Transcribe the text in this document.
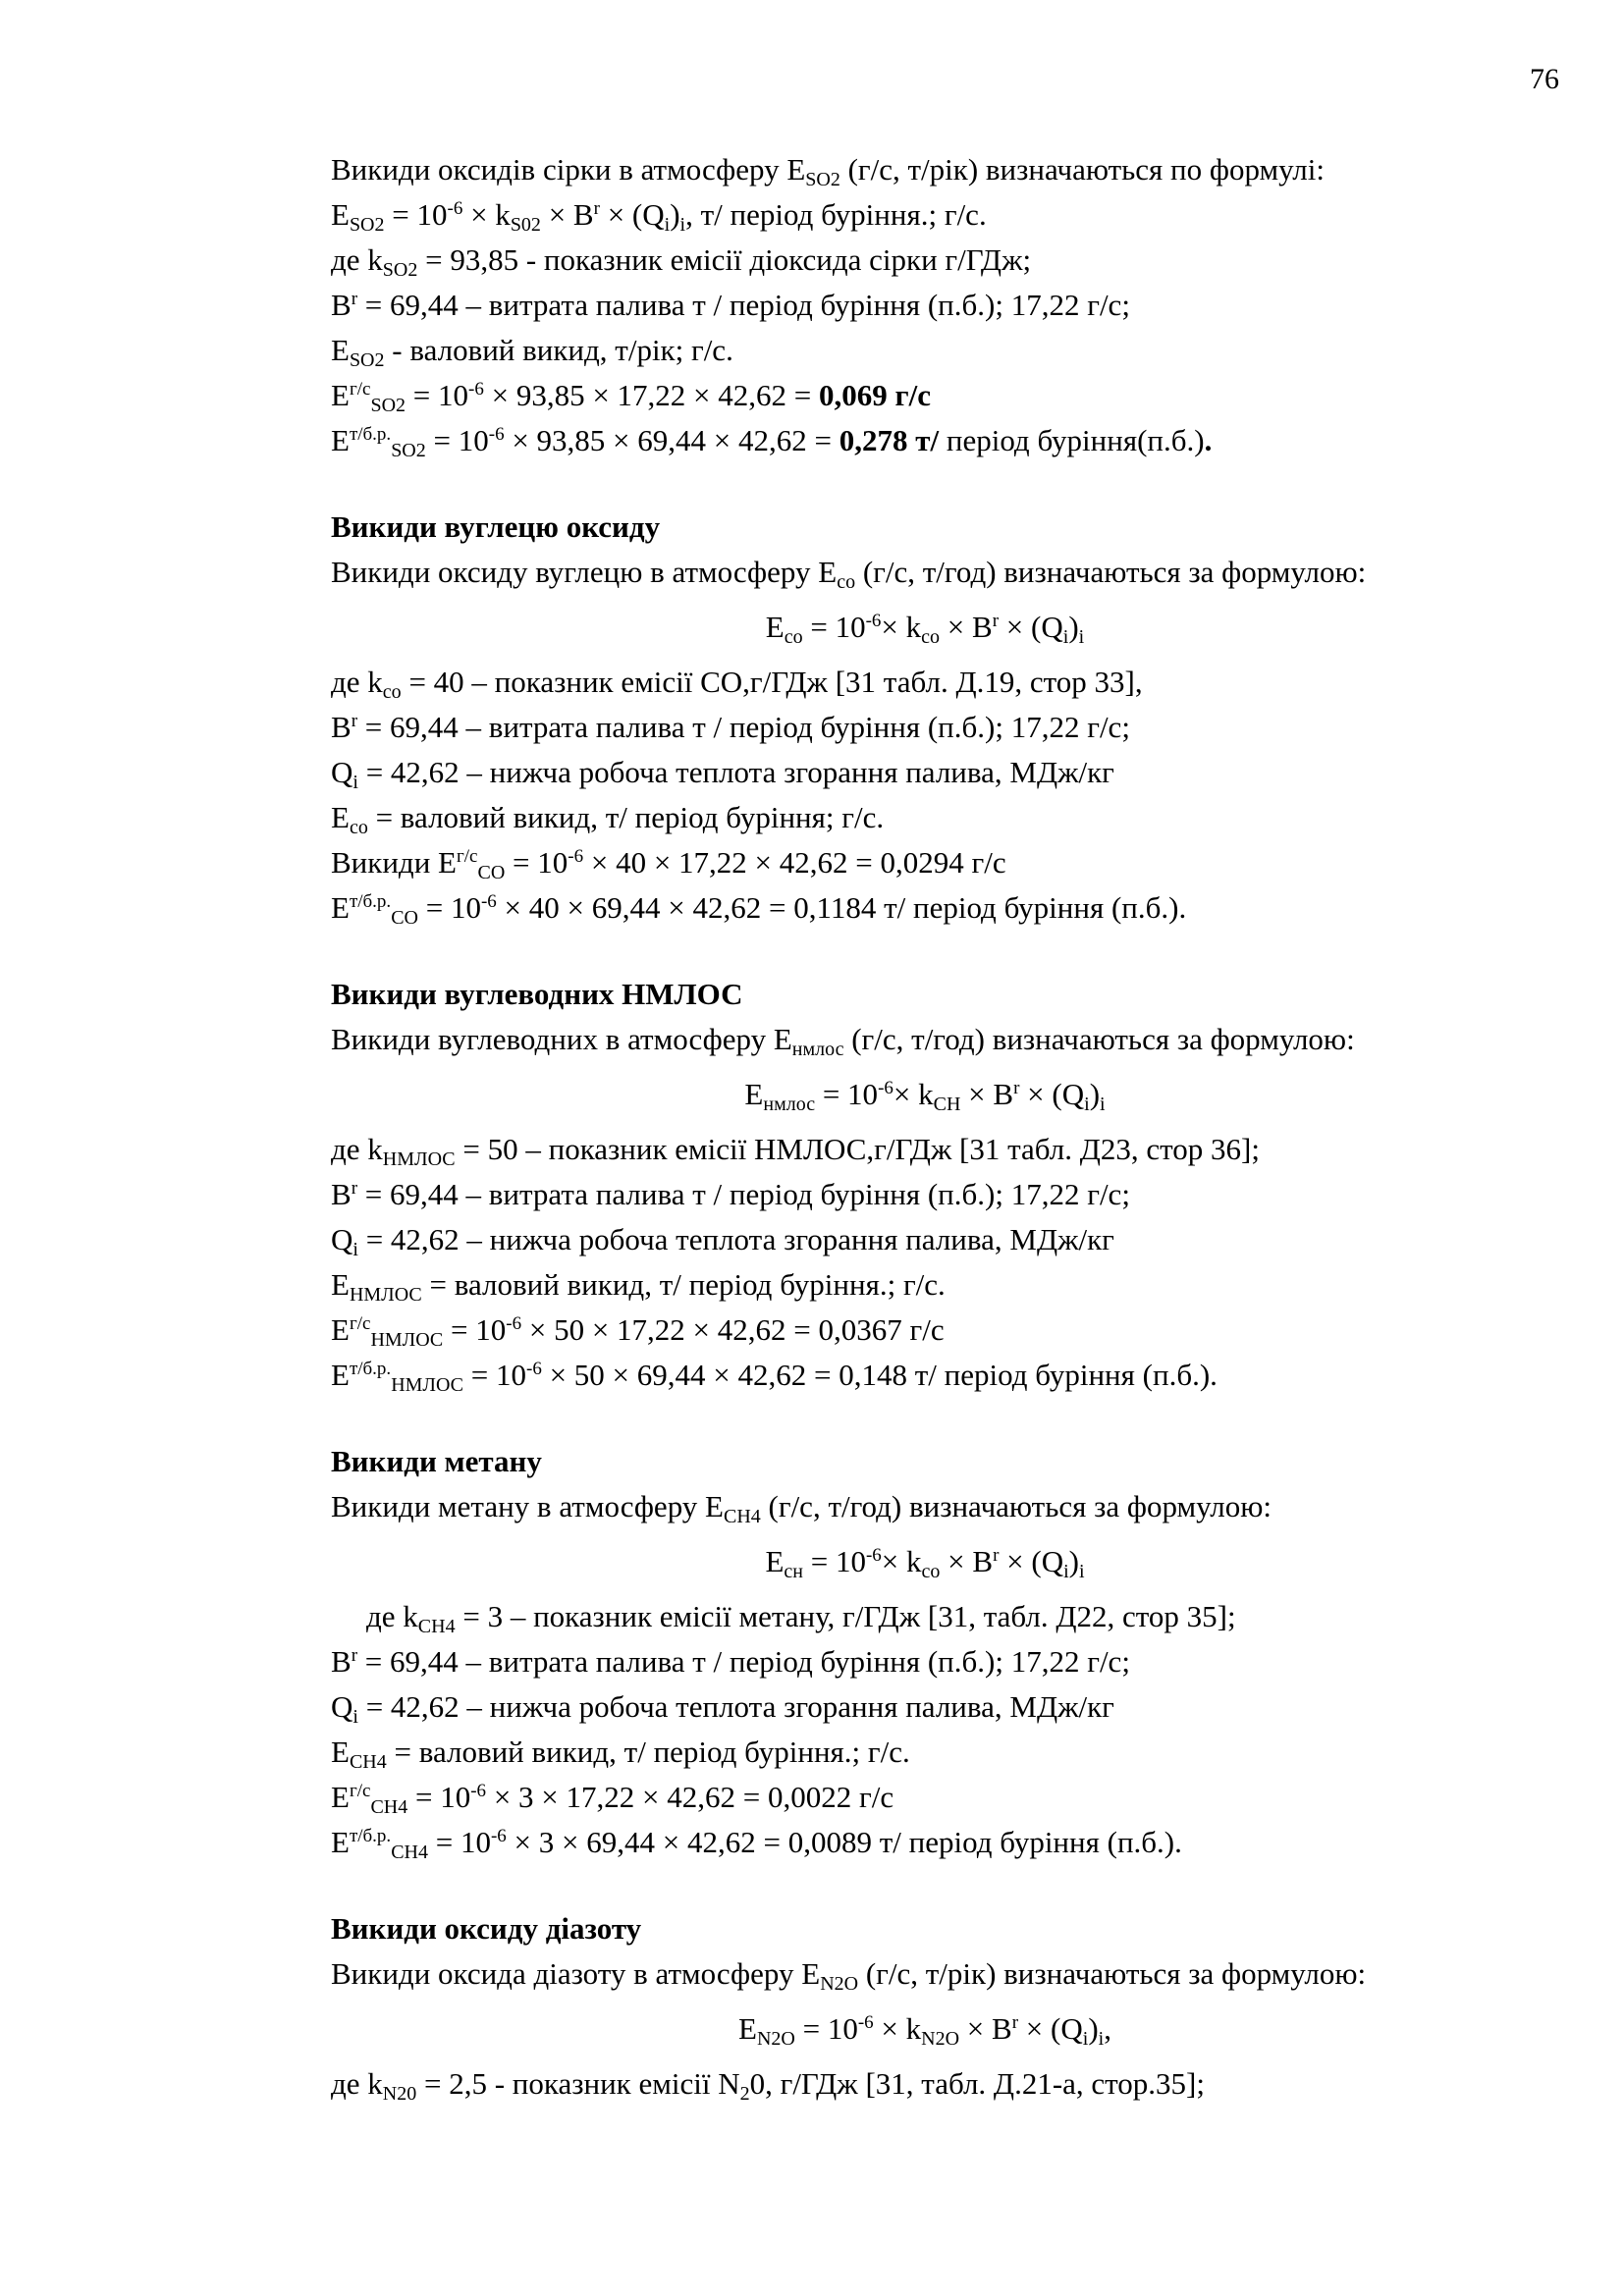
76
Викиди оксидів сірки в атмосферу $E_{SO2}$ (г/с, т/рік) визначаються по формулі:
$E_{SO2} = 10^{-6} \times k_{S02} \times B^r \times (Q_i)_i$, т/ період буріння.; г/с.
де $k_{SO2} = 93,85$ - показник емісії діоксида сірки г/ГДж;
$B^r = 69,44$ – витрата палива т / період буріння (п.б.); 17,22 г/с;
$E_{SO2}$ - валовий викид, т/рік; г/с.
$E^{г/с}_{SO2} = 10^{-6} \times 93,85 \times 17,22 \times 42,62 = 0,069$ г/с
$E^{т/б.р.}_{SO2} = 10^{-6} \times 93,85 \times 69,44 \times 42,62 = 0,278$ т/ період буріння(п.б.).
Викиди вуглецю оксиду
Викиди оксиду вуглецю в атмосферу $E_{co}$ (г/с, т/год) визначаються за формулою:
$E_{co} = 10^{-6}\times k_{co} \times B^r \times (Q_i)_i$
де $k_{co} = 40$ – показник емісії CO,г/ГДж [31 табл. Д.19, стор 33],
$B^r = 69,44$ – витрата палива т / період буріння (п.б.); 17,22 г/с;
$Q_i = 42,62$ – нижча робоча теплота згорання палива, МДж/кг
$E_{co}$ = валовий викид, т/ період буріння; г/с.
Викиди $E^{г/с}_{CO} = 10^{-6} \times 40 \times 17,22 \times 42,62 = 0,0294$ г/с
$E^{т/б.р.}_{CO} = 10^{-6} \times 40 \times 69,44 \times 42,62 = 0,1184$ т/ період буріння (п.б.).
Викиди вуглеводних НМЛОС
Викиди вуглеводних в атмосферу $E_{нмлос}$ (г/с, т/год) визначаються за формулою:
$E_{нмлос} = 10^{-6}\times k_{CH} \times B^r \times (Q_i)_i$
де $k_{НМЛОС} = 50$ – показник емісії НМЛОС,г/ГДж [31 табл. Д23, стор 36];
$B^r = 69,44$ – витрата палива т / період буріння (п.б.); 17,22 г/с;
$Q_i = 42,62$ – нижча робоча теплота згорання палива, МДж/кг
$E_{НМЛОС}$ = валовий викид, т/ період буріння.; г/с.
$E^{г/с}_{НМЛОС} = 10^{-6} \times 50 \times 17,22 \times 42,62 = 0,0367$ г/с
$E^{т/б.р.}_{НМЛОС} = 10^{-6} \times 50 \times 69,44 \times 42,62 = 0,148$ т/ період буріння (п.б.).
Викиди метану
Викиди метану в атмосферу $E_{CH4}$ (г/с, т/год) визначаються за формулою:
$E_{сн} = 10^{-6}\times k_{co} \times B^r \times (Q_i)_i$
де $k_{CH4} = 3$ – показник емісії метану, г/ГДж [31, табл. Д22, стор 35];
$B^r = 69,44$ – витрата палива т / період буріння (п.б.); 17,22 г/с;
$Q_i = 42,62$ – нижча робоча теплота згорання палива, МДж/кг
$E_{CH4}$ = валовий викид, т/ період буріння.; г/с.
$E^{г/с}_{CH4} = 10^{-6} \times 3 \times 17,22 \times 42,62 = 0,0022$ г/с
$E^{т/б.р.}_{CH4} = 10^{-6} \times 3 \times 69,44 \times 42,62 = 0,0089$ т/ період буріння (п.б.).
Викиди оксиду діазоту
Викиди оксида діазоту в атмосферу $E_{N2O}$ (г/с, т/рік) визначаються за формулою:
$E_{N2O} = 10^{-6} \times k_{N2O} \times B^r \times (Q_i)_i$,
де $k_{N20} = 2,5$ - показник емісії $N_20$, г/ГДж [31, табл. Д.21-а, стор.35];
